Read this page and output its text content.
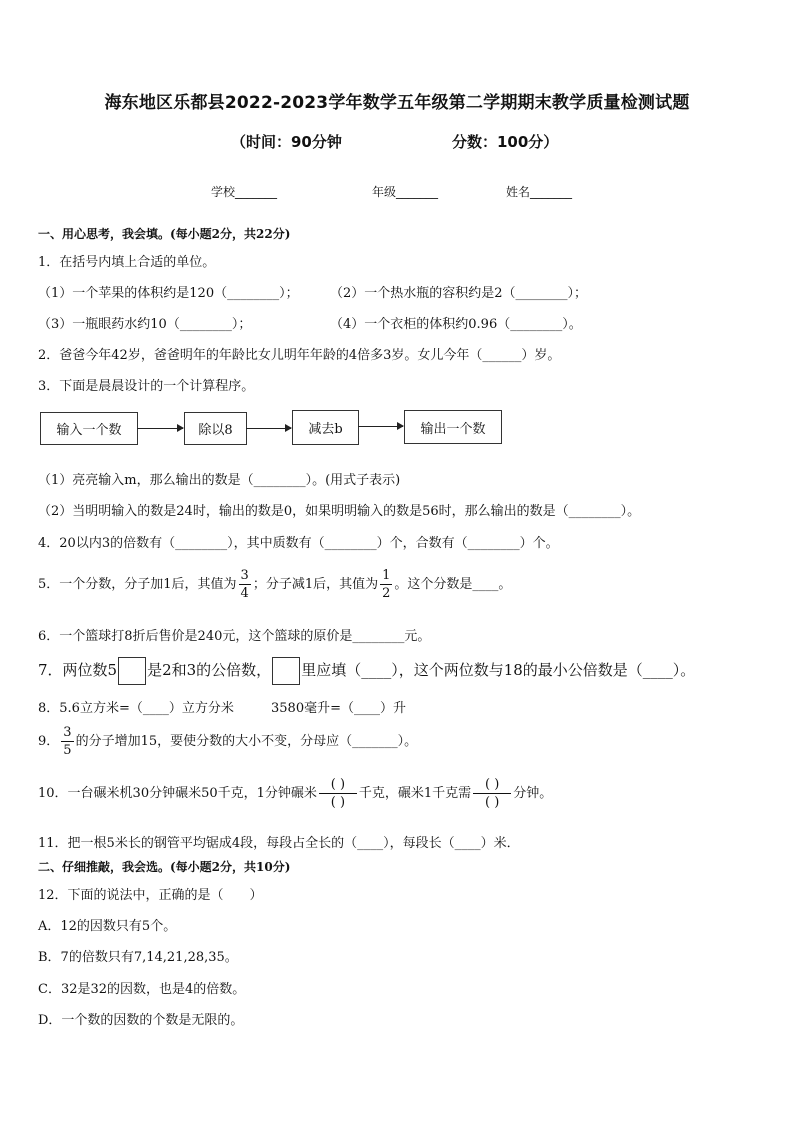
海东地区乐都县2022-2023学年数学五年级第二学期期末教学质量检测试题
（时间：90分钟	分数：100分）
学校_______	年级_______	姓名_______
一、用心思考，我会填。(每小题2分，共22分)
1．在括号内填上合适的单位。
（1）一个苹果的体积约是120（________）； （2）一个热水瓶的容积约是2（________）；
（3）一瓶眼药水约10（________）；	（4）一个衣柜的体积约0.96（________）。
2．爸爸今年42岁，爸爸明年的年龄比女儿明年年龄的4倍多3岁。女儿今年（______）岁。
3．下面是晨晨设计的一个计算程序。
输入一个数	除以8	减去b	输出一个数
（1）亮亮输入m，那么输出的数是（________）。(用式子表示)
（2）当明明输入的数是24时，输出的数是0，如果明明输入的数是56时，那么输出的数是（________）。
4．20以内3的倍数有（________），其中质数有（________）个，合数有（________）个。
5．一个分数，分子加1后，其值为 $\frac{3}{4}$ ；分子减1后，其值为 $\frac{1}{2}$ 。这个分数是____。
6．一个篮球打8折后售价是240元，这个篮球的原价是________元。
7．两位数5 是2和3的公倍数， 里应填（____），这个两位数与18的最小公倍数是（____）。
8．5.6立方米=（____）立方分米	3580毫升=（____）升
9． $\frac{3}{5}$ 的分子增加15，要使分数的大小不变，分母应（_______）。
10．一台碾米机30分钟碾米50千克，1分钟碾米 $\frac{( )}{( )}$ 千克，碾米1千克需 $\frac{( )}{( )}$ 分钟。
11．把一根5米长的钢管平均锯成4段，每段占全长的（____），每段长（____）米．
二、仔细推敲，我会选。(每小题2分，共10分)
12．下面的说法中，正确的是（　　）
A．12的因数只有5个。
B．7的倍数只有7,14,21,28,35。
C．32是32的因数，也是4的倍数。
D．一个数的因数的个数是无限的。
